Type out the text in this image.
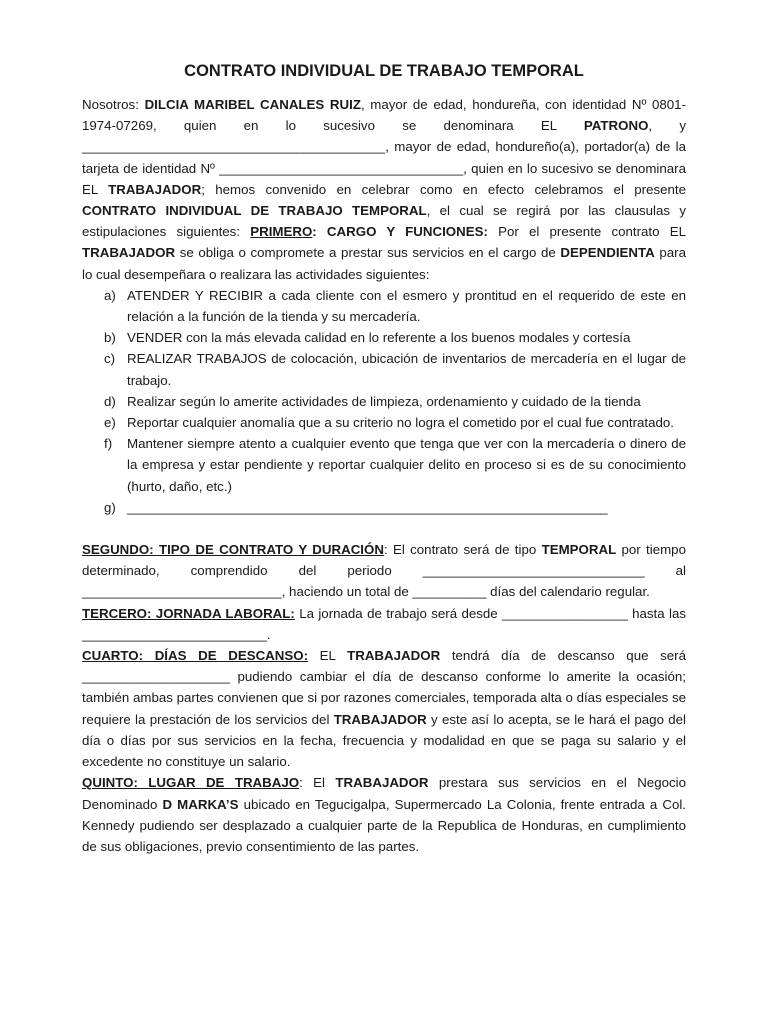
CONTRATO INDIVIDUAL DE TRABAJO TEMPORAL

Nosotros: DILCIA MARIBEL CANALES RUIZ, mayor de edad, hondureña, con identidad Nº 0801-1974-07269, quien en lo sucesivo se denominara EL PATRONO, y _________________________________________, mayor de edad, hondureño(a), portador(a) de la tarjeta de identidad Nº _________________________________, quien en lo sucesivo se denominara EL TRABAJADOR; hemos convenido en celebrar como en efecto celebramos el presente CONTRATO INDIVIDUAL DE TRABAJO TEMPORAL, el cual se regirá por las clausulas y estipulaciones siguientes: PRIMERO: CARGO Y FUNCIONES: Por el presente contrato EL TRABAJADOR se obliga o compromete a prestar sus servicios en el cargo de DEPENDIENTA para lo cual desempeñara o realizara las actividades siguientes:

a) ATENDER Y RECIBIR a cada cliente con el esmero y prontitud en el requerido de este en relación a la función de la tienda y su mercadería.
b) VENDER con la más elevada calidad en lo referente a los buenos modales y cortesía
c) REALIZAR TRABAJOS de colocación, ubicación de inventarios de mercadería en el lugar de trabajo.
d) Realizar según lo amerite actividades de limpieza, ordenamiento y cuidado de la tienda
e) Reportar cualquier anomalía que a su criterio no logra el cometido por el cual fue contratado.
f) Mantener siempre atento a cualquier evento que tenga que ver con la mercadería o dinero de la empresa y estar pendiente y reportar cualquier delito en proceso si es de su conocimiento (hurto, daño, etc.)
g) _________________________________________________________________

SEGUNDO: TIPO DE CONTRATO Y DURACIÓN: El contrato será de tipo TEMPORAL por tiempo determinado, comprendido del periodo ______________________________ al ___________________________, haciendo un total de __________ días del calendario regular.

TERCERO: JORNADA LABORAL: La jornada de trabajo será desde _________________ hasta las _________________________.

CUARTO: DÍAS DE DESCANSO: EL TRABAJADOR tendrá día de descanso que será ____________________ pudiendo cambiar el día de descanso conforme lo amerite la ocasión; también ambas partes convienen que si por razones comerciales, temporada alta o días especiales se requiere la prestación de los servicios del TRABAJADOR y este así lo acepta, se le hará el pago del día o días por sus servicios en la fecha, frecuencia y modalidad en que se paga su salario y el excedente no constituye un salario.

QUINTO: LUGAR DE TRABAJO: El TRABAJADOR prestara sus servicios en el Negocio Denominado D MARKA’S ubicado en Tegucigalpa, Supermercado La Colonia, frente entrada a Col. Kennedy pudiendo ser desplazado a cualquier parte de la Republica de Honduras, en cumplimiento de sus obligaciones, previo consentimiento de las partes.
